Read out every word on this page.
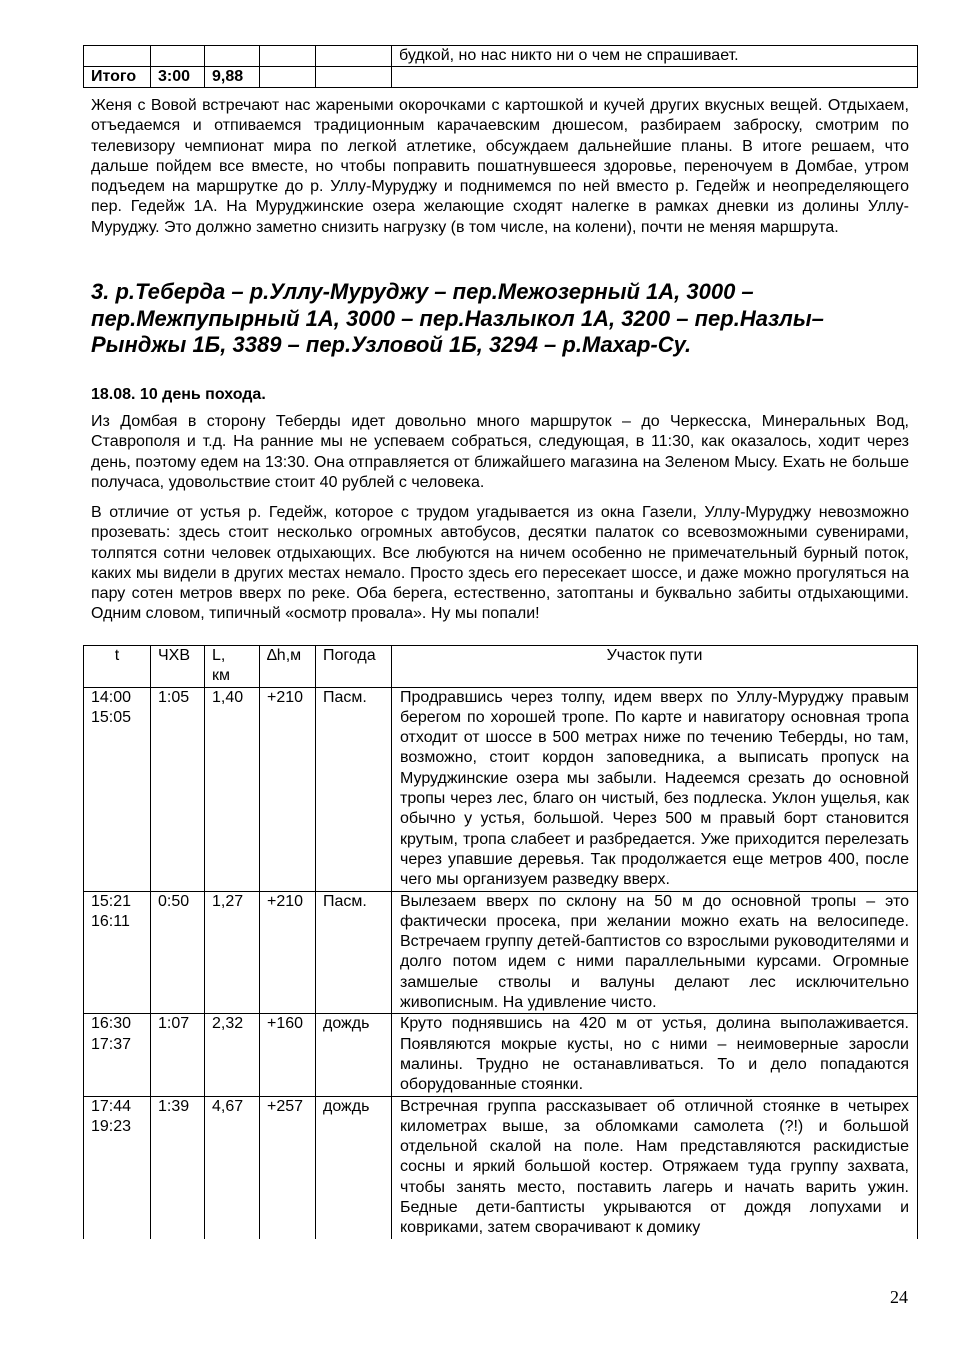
					будкой, но нас никто ни о чем не спрашивает.
Итого	3:00	9,88			

Женя с Вовой встречают нас жареными окорочками с картошкой и кучей других вкусных вещей. Отдыхаем, отъедаемся и отпиваемся традиционным карачаевским дюшесом, разбираем заброску, смотрим по телевизору чемпионат мира по легкой атлетике, обсуждаем дальнейшие планы. В итоге решаем, что дальше пойдем все вместе, но чтобы поправить пошатнувшееся здоровье, переночуем в Домбае, утром подъедем на маршрутке до р. Уллу-Муруджу и поднимемся по ней вместо р. Гедейж и неопределяющего пер. Гедейж 1А. На Муруджинские озера желающие сходят налегке в рамках дневки из долины Уллу-Муруджу. Это должно заметно снизить нагрузку (в том числе, на колени), почти не меняя маршрута.

3. р.Теберда – р.Уллу-Муруджу – пер.Межозерный 1А, 3000 – пер.Межпупырный 1А, 3000 – пер.Назлыкол 1А, 3200 – пер.Назлы–Рынджы 1Б, 3389 – пер.Узловой 1Б, 3294 – р.Махар-Су.

18.08. 10 день похода.

Из Домбая в сторону Теберды идет довольно много маршруток – до Черкесска, Минеральных Вод, Ставрополя и т.д. На ранние мы не успеваем собраться, следующая, в 11:30, как оказалось, ходит через день, поэтому едем на 13:30. Она отправляется от ближайшего магазина на Зеленом Мысу. Ехать не больше получаса, удовольствие стоит 40 рублей с человека.

В отличие от устья р. Гедейж, которое с трудом угадывается из окна Газели, Уллу-Муруджу невозможно прозевать: здесь стоит несколько огромных автобусов, десятки палаток со всевозможными сувенирами, толпятся сотни человек отдыхающих. Все любуются на ничем особенно не примечательный бурный поток, каких мы видели в других местах немало. Просто здесь его пересекает шоссе, и даже можно прогуляться на пару сотен метров вверх по реке. Оба берега, естественно, затоптаны и буквально забиты отдыхающими. Одним словом, типичный «осмотр провала». Ну мы попали!

t	ЧХВ	L,
км	∆h,м	Погода	Участок пути
14:00
15:05	1:05	1,40	+210	Пасм.	Продравшись через толпу, идем вверх по Уллу-Муруджу правым берегом по хорошей тропе. По карте и навигатору основная тропа отходит от шоссе в 500 метрах ниже по течению Теберды, но там, возможно, стоит кордон заповедника, а выписать пропуск на Муруджинские озера мы забыли. Надеемся срезать до основной тропы через лес, благо он чистый, без подлеска. Уклон ущелья, как обычно у устья, большой. Через 500 м правый борт становится крутым, тропа слабеет и разбредается. Уже приходится перелезать через упавшие деревья. Так продолжается еще метров 400, после чего мы организуем разведку вверх.
15:21
16:11	0:50	1,27	+210	Пасм.	Вылезаем вверх по склону на 50 м до основной тропы – это фактически просека, при желании можно ехать на велосипеде. Встречаем группу детей-баптистов со взрослыми руководителями и долго потом идем с ними параллельными курсами. Огромные замшелые стволы и валуны делают лес исключительно живописным. На удивление чисто.
16:30
17:37	1:07	2,32	+160	дождь	Круто поднявшись на 420 м от устья, долина выполаживается. Появляются мокрые кусты, но с ними – неимоверные заросли малины. Трудно не останавливаться. То и дело попадаются оборудованные стоянки.
17:44
19:23	1:39	4,67	+257	дождь	Встречная группа рассказывает об отличной стоянке в четырех километрах выше, за обломками самолета (?!) и большой отдельной скалой на поле. Нам представляются раскидистые сосны и яркий большой костер. Отряжаем туда группу захвата, чтобы занять место, поставить лагерь и начать варить ужин. Бедные дети-баптисты укрываются от дождя лопухами и ковриками, затем сворачивают к домику
24
